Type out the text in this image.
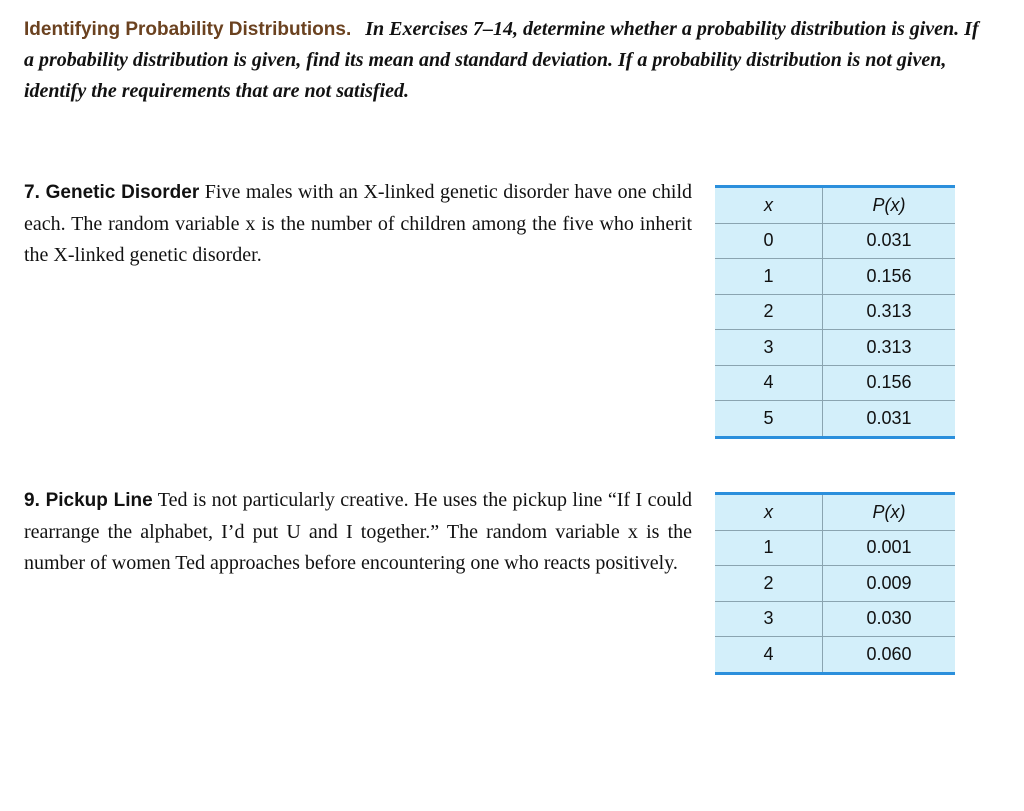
Identifying Probability Distributions. In Exercises 7–14, determine whether a probability distribution is given. If a probability distribution is given, find its mean and standard deviation. If a probability distribution is not given, identify the requirements that are not satisfied.
7. Genetic Disorder Five males with an X-linked genetic disorder have one child each. The random variable x is the number of children among the five who inherit the X-linked genetic disorder.
x	P(x)
0	0.031
1	0.156
2	0.313
3	0.313
4	0.156
5	0.031
9. Pickup Line Ted is not particularly creative. He uses the pickup line “If I could rearrange the alphabet, I’d put U and I together.” The random variable x is the number of women Ted approaches before encountering one who reacts positively.
x	P(x)
1	0.001
2	0.009
3	0.030
4	0.060
